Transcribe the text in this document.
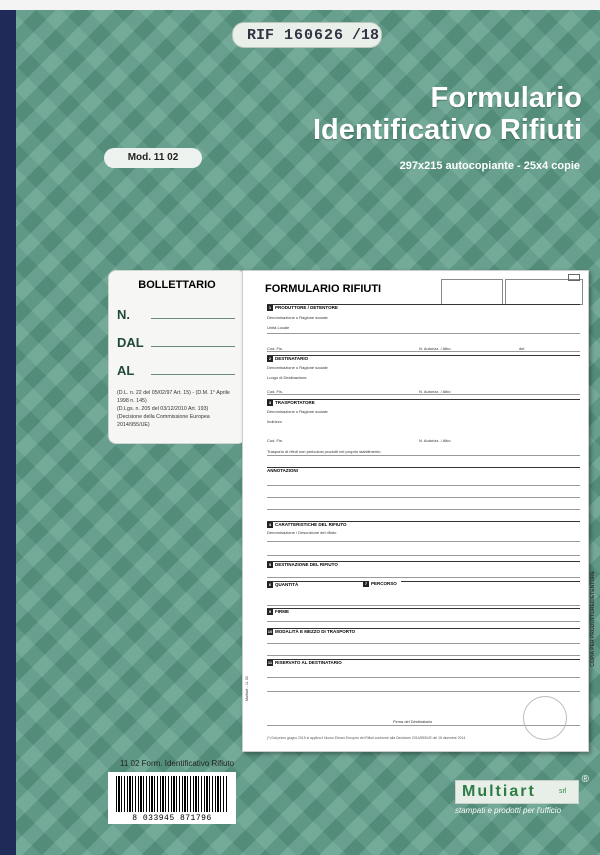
RIF 160626 /18
Formulario
Identificativo Rifiuti
297x215 autocopiante - 25x4 copie
Mod. 11 02
BOLLETTARIO
N.
DAL
AL
(D.L. n. 22 del 05/02/97 Art. 15) - (D.M. 1° Aprile 1998 n. 145)
(D.Lgs. n. 205 del 03/12/2010 Art. 193)
(Decisione della Commissione Europea 2014/955/UE)
FORMULARIO RIFIUTI

1 PRODUTTORE / DETENTORE
Denominazione o Ragione sociale
Unità Locale
Cod. Fis.	N. Autorizz. / Albo	del
2 DESTINATARIO
Denominazione o Ragione sociale
Luogo di Destinazione
Cod. Fis.	N. Autorizz. / Albo
3 TRASPORTATORE
Denominazione o Ragione sociale
Indirizzo
Cod. Fis.	N. Autorizz. / Albo
Trasporto di rifiuti non pericolosi prodotti nel proprio stabilimento
ANNOTAZIONI
4 CARATTERISTICHE DEL RIFIUTO
Denominazione / Descrizione del rifiuto
5 DESTINAZIONE DEL RIFIUTO
6 QUANTITÀ	7 PERCORSO
9 FIRME
10 MODALITÀ E MEZZO DI TRASPORTO
11 RISERVATO AL DESTINATARIO
Firma del Destinatario
Multiart - 11 02
COPIA PER PRODUTTORE/DETENTORE
(*) Dal primo giugno 2015 si applica il Nuovo Elenco Europeo dei Rifiuti conforme alla Decisione 2014/955/UE del 18 dicembre 2014.
11 02 Form. Identificativo Rifiuto
8 033945 871796
Multiart	srl
®
stampati e prodotti per l'ufficio
